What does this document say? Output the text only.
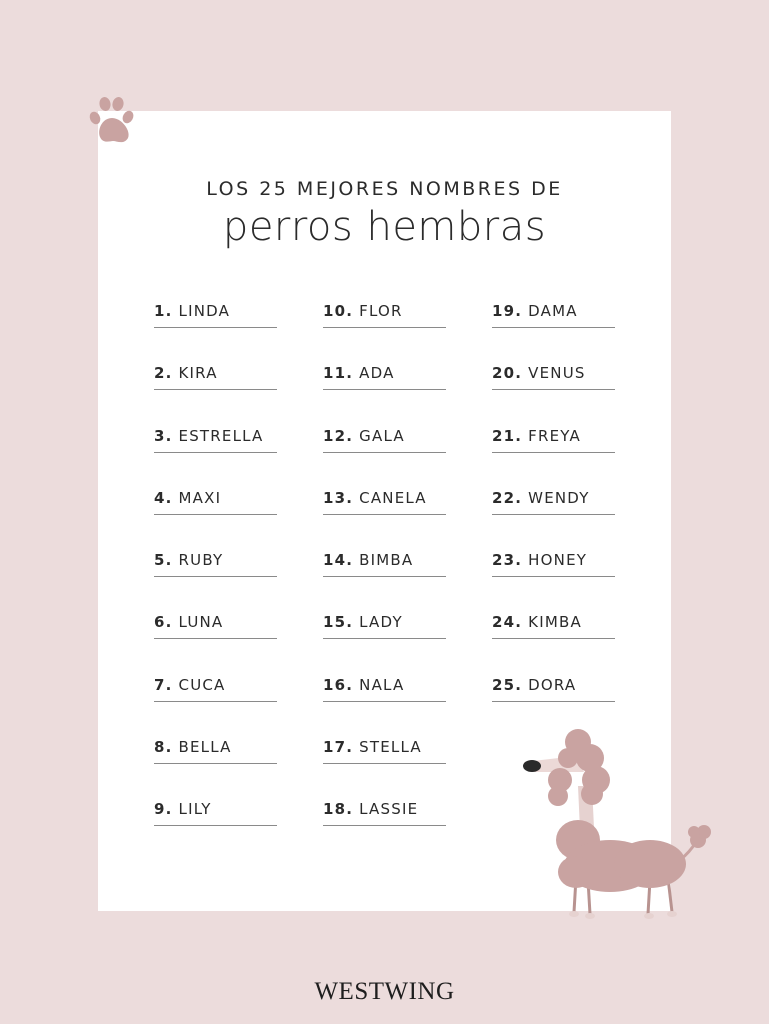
LOS 25 MEJORES NOMBRES DE
perros hembras
1. LINDA
2. KIRA
3. ESTRELLA
4. MAXI
5. RUBY
6. LUNA
7. CUCA
8. BELLA
9. LILY
10. FLOR
11. ADA
12. GALA
13. CANELA
14. BIMBA
15. LADY
16. NALA
17. STELLA
18. LASSIE
19. DAMA
20. VENUS
21. FREYA
22. WENDY
23. HONEY
24. KIMBA
25. DORA
WESTWING
